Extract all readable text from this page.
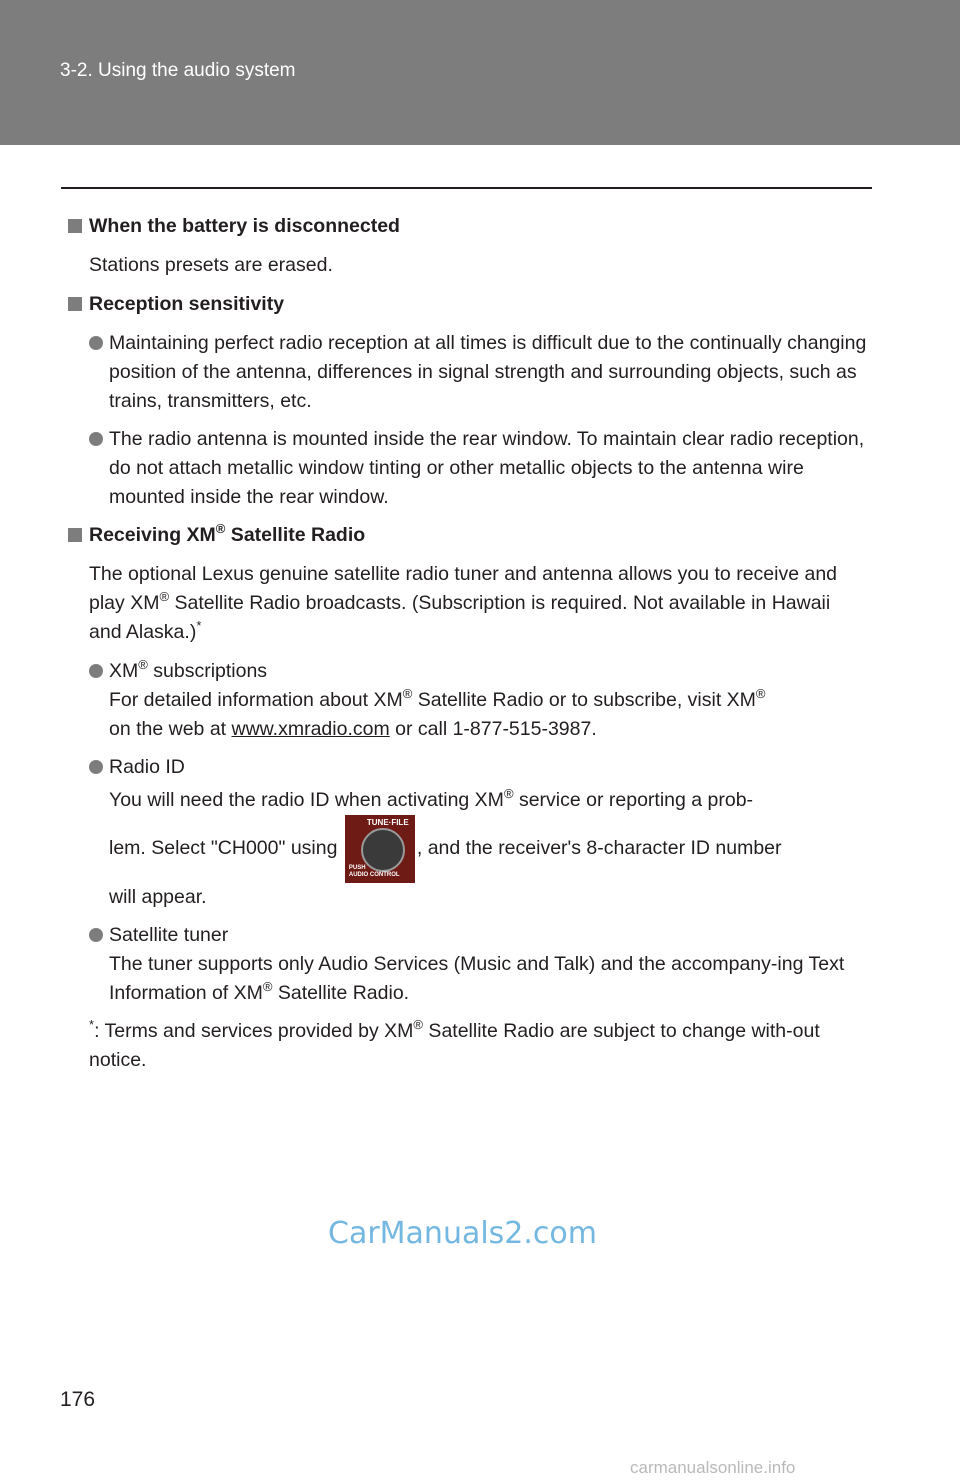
3-2. Using the audio system
When the battery is disconnected
Stations presets are erased.
Reception sensitivity
Maintaining perfect radio reception at all times is difficult due to the continually changing position of the antenna, differences in signal strength and surrounding objects, such as trains, transmitters, etc.
The radio antenna is mounted inside the rear window. To maintain clear radio reception, do not attach metallic window tinting or other metallic objects to the antenna wire mounted inside the rear window.
Receiving XM® Satellite Radio
The optional Lexus genuine satellite radio tuner and antenna allows you to receive and play XM® Satellite Radio broadcasts. (Subscription is required. Not available in Hawaii and Alaska.)*
XM® subscriptions
For detailed information about XM® Satellite Radio or to subscribe, visit XM®
on the web at www.xmradio.com or call 1-877-515-3987.
Radio ID
You will need the radio ID when activating XM® service or reporting a prob-
lem. Select "CH000" using
TUNE·FILE
PUSH
AUDIO CONTROL
, and the receiver's 8-character ID number
will appear.
Satellite tuner
The tuner supports only Audio Services (Music and Talk) and the accompany-ing Text Information of XM® Satellite Radio.
*: Terms and services provided by XM® Satellite Radio are subject to change with-out notice.
CarManuals2.com
176
carmanualsonline.info
